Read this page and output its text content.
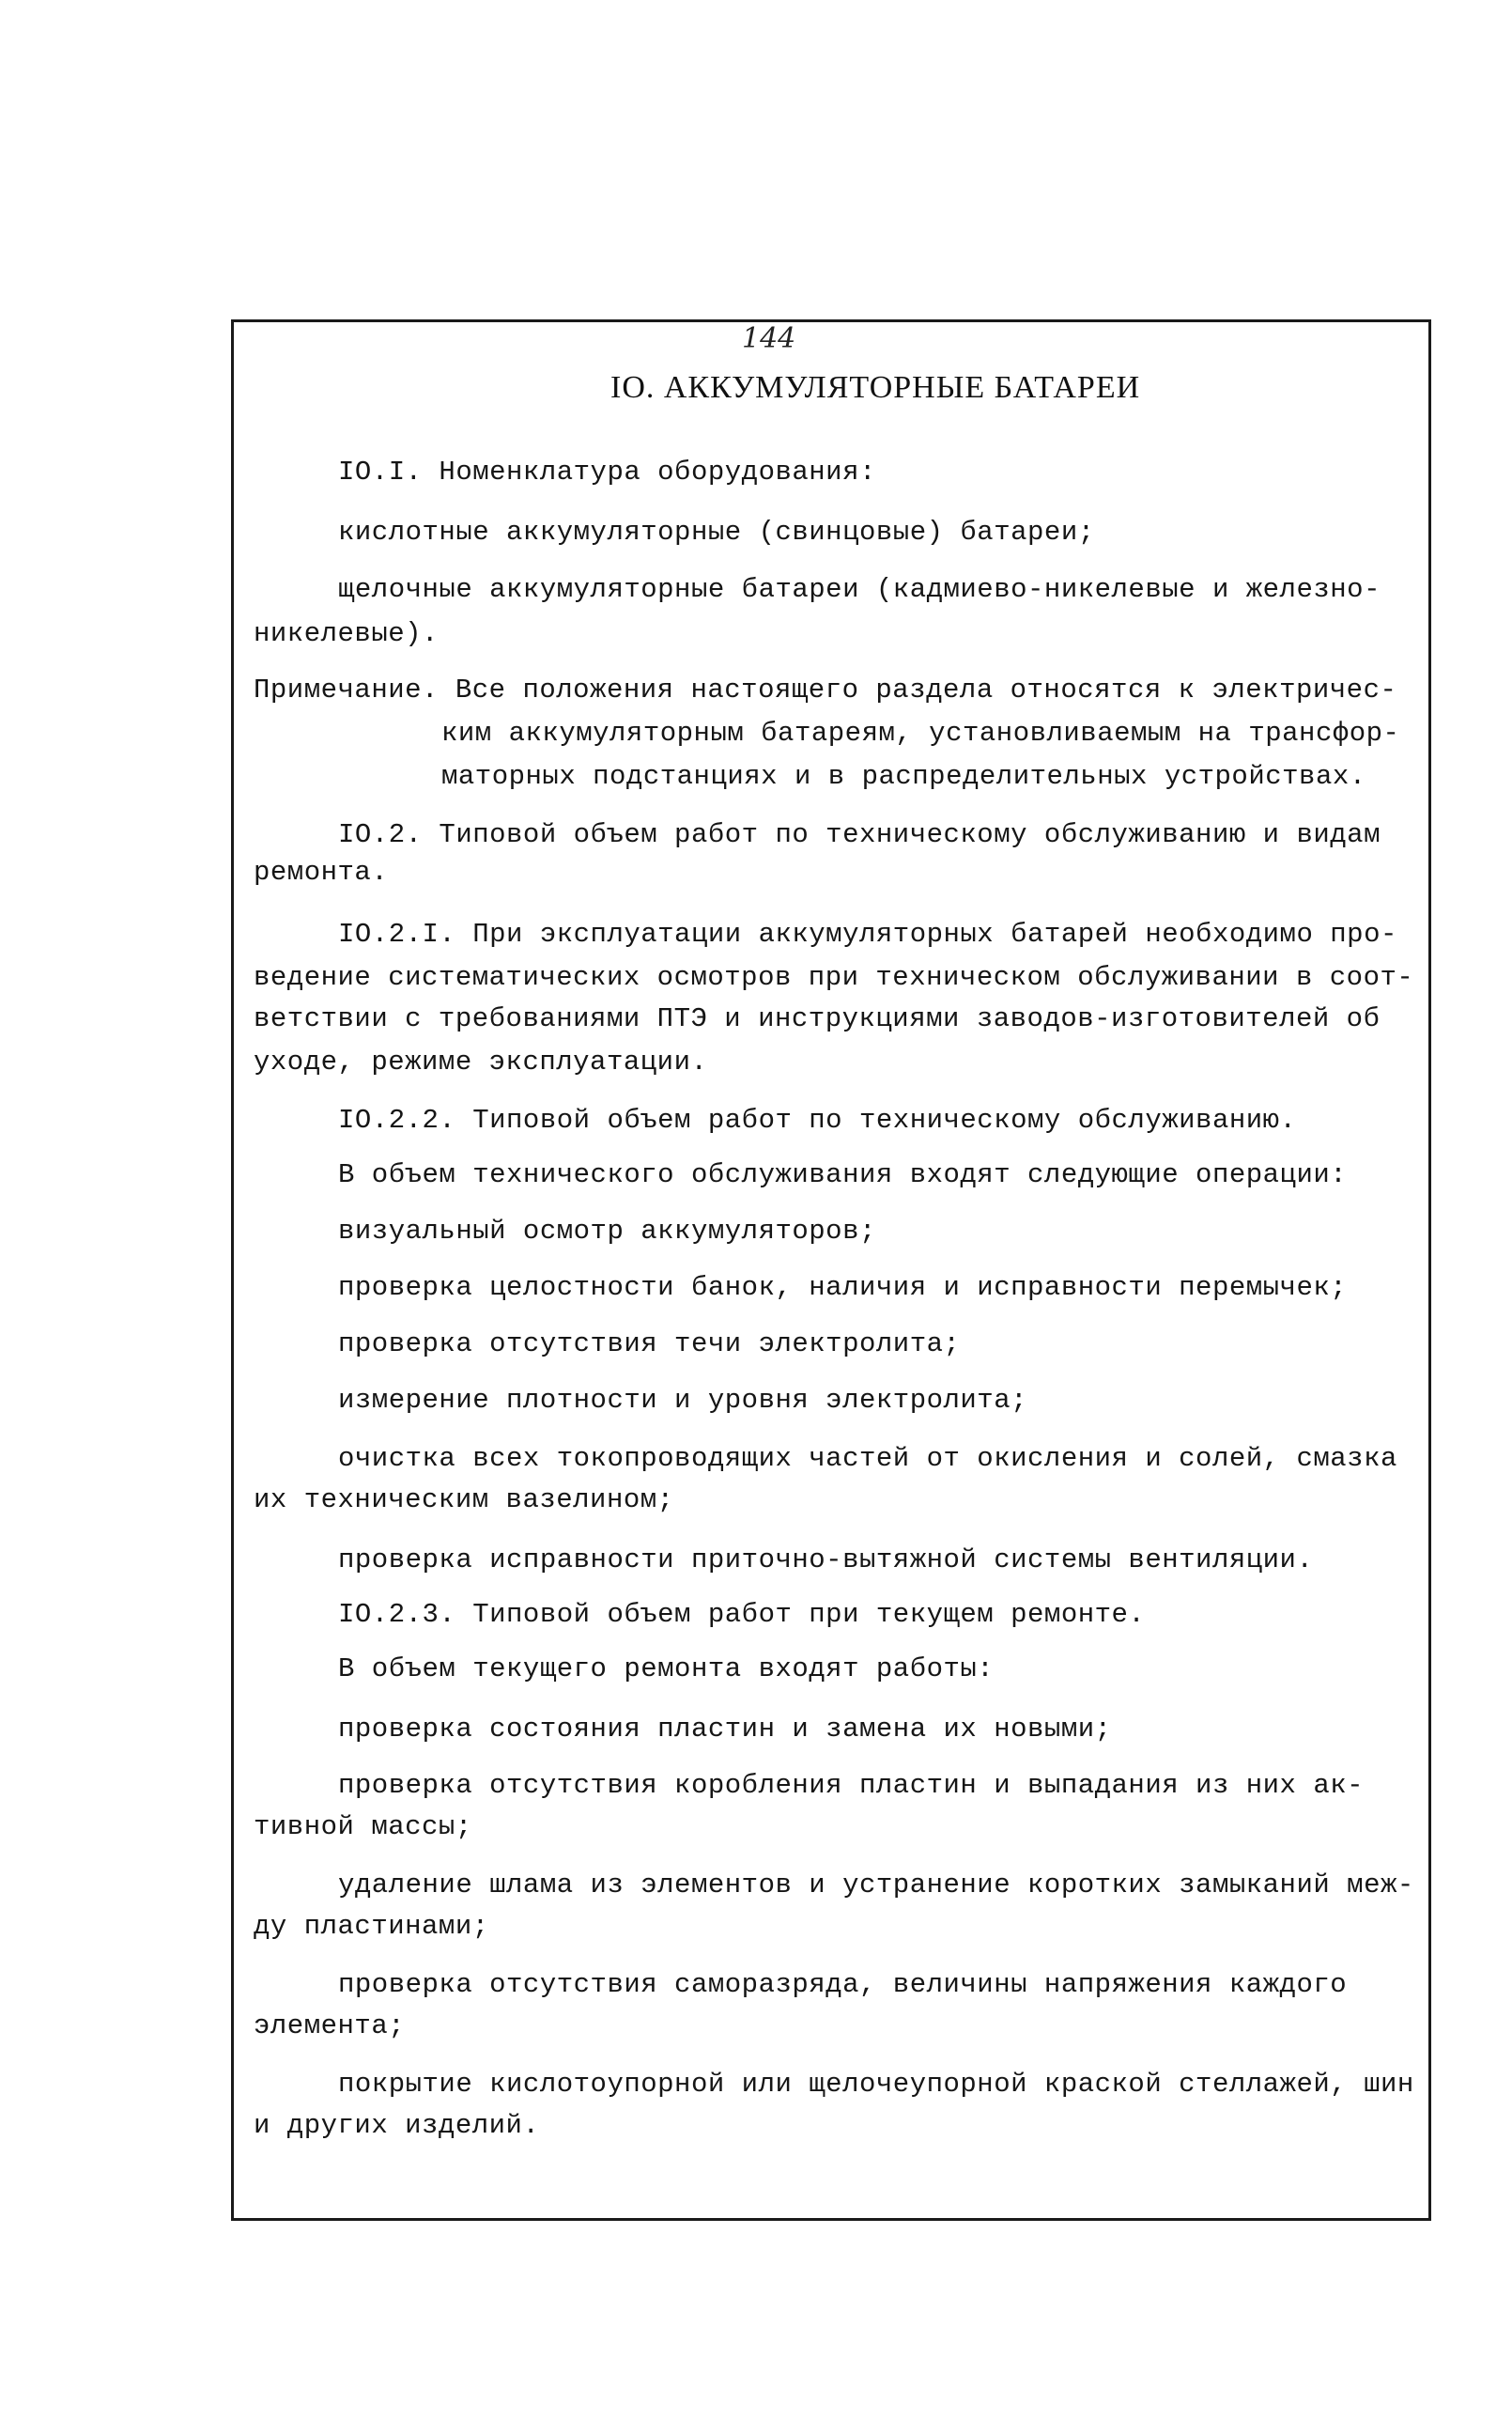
144
IO. АККУМУЛЯТОРНЫЕ БАТАРЕИ
IO.I. Номенклатура оборудования:
кислотные аккумуляторные (свинцовые) батареи;
щелочные аккумуляторные батареи (кадмиево-никелевые и железно-
никелевые).
Примечание. Все положения настоящего раздела относятся к электричес-
ким аккумуляторным батареям, установливаемым на трансфор-
маторных подстанциях и в распределительных устройствах.
IO.2. Типовой объем работ по техническому обслуживанию и видам
ремонта.
IO.2.I. При эксплуатации аккумуляторных батарей необходимо про-
ведение систематических осмотров при техническом обслуживании в соот-
ветствии с требованиями ПТЭ и инструкциями заводов-изготовителей об
уходе, режиме эксплуатации.
IO.2.2. Типовой объем работ по техническому обслуживанию.
В объем технического обслуживания входят следующие операции:
визуальный осмотр аккумуляторов;
проверка целостности банок, наличия и исправности перемычек;
проверка отсутствия течи электролита;
измерение плотности и уровня электролита;
очистка всех токопроводящих частей от окисления и солей, смазка
их техническим вазелином;
проверка исправности приточно-вытяжной системы вентиляции.
IO.2.3. Типовой объем работ при текущем ремонте.
В объем текущего ремонта входят работы:
проверка состояния пластин и замена их новыми;
проверка отсутствия коробления пластин и выпадания из них ак-
тивной массы;
удаление шлама из элементов и устранение коротких замыканий меж-
ду пластинами;
проверка отсутствия саморазряда, величины напряжения каждого
элемента;
покрытие кислотоупорной или щелочеупорной краской стеллажей, шин
и других изделий.
